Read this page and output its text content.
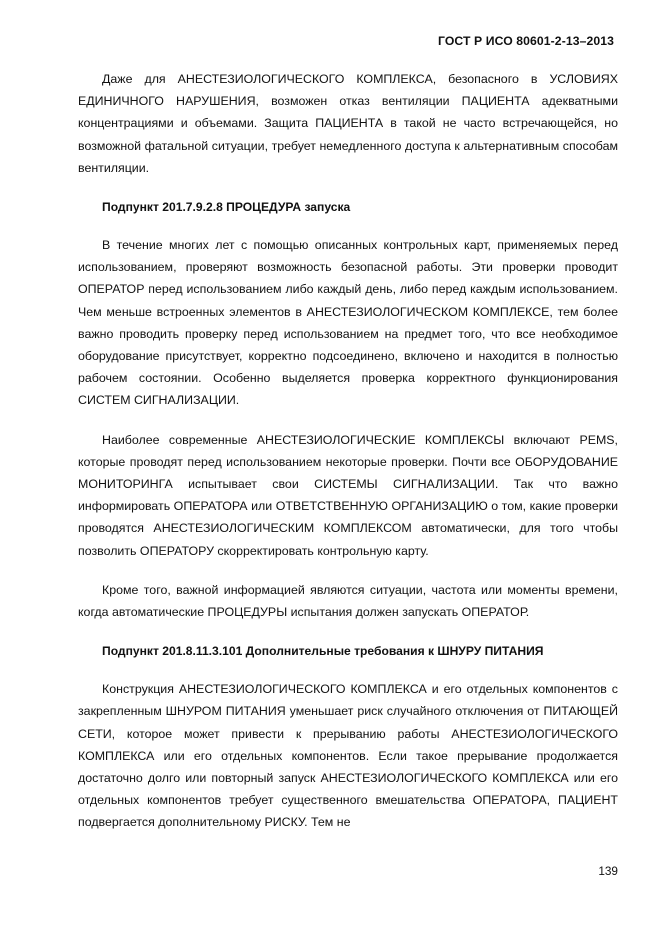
ГОСТ Р ИСО 80601-2-13–2013

Даже для АНЕСТЕЗИОЛОГИЧЕСКОГО КОМПЛЕКСА, безопасного в УСЛОВИЯХ ЕДИНИЧНОГО НАРУШЕНИЯ, возможен отказ вентиляции ПАЦИЕНТА адекватными концентрациями и объемами. Защита ПАЦИЕНТА в такой не часто встречающейся, но возможной фатальной ситуации, требует немедленного доступа к альтернативным способам вентиляции.

Подпункт 201.7.9.2.8 ПРОЦЕДУРА запуска

В течение многих лет с помощью описанных контрольных карт, применяемых перед использованием, проверяют возможность безопасной работы. Эти проверки проводит ОПЕРАТОР перед использованием либо каждый день, либо перед каждым использованием. Чем меньше встроенных элементов в АНЕСТЕЗИОЛОГИЧЕСКОМ КОМПЛЕКСЕ, тем более важно проводить проверку перед использованием на предмет того, что все необходимое оборудование присутствует, корректно подсоединено, включено и находится в полностью рабочем состоянии. Особенно выделяется проверка корректного функционирования СИСТЕМ СИГНАЛИЗАЦИИ.

Наиболее современные АНЕСТЕЗИОЛОГИЧЕСКИЕ КОМПЛЕКСЫ включают PEMS, которые проводят перед использованием некоторые проверки. Почти все ОБОРУДОВАНИЕ МОНИТОРИНГА испытывает свои СИСТЕМЫ СИГНАЛИЗАЦИИ. Так что важно информировать ОПЕРАТОРА или ОТВЕТСТВЕННУЮ ОРГАНИЗАЦИЮ о том, какие проверки проводятся АНЕСТЕЗИОЛОГИЧЕСКИМ КОМПЛЕКСОМ автоматически, для того чтобы позволить ОПЕРАТОРУ скорректировать контрольную карту.

Кроме того, важной информацией являются ситуации, частота или моменты времени, когда автоматические ПРОЦЕДУРЫ испытания должен запускать ОПЕРАТОР.

Подпункт 201.8.11.3.101 Дополнительные требования к ШНУРУ ПИТАНИЯ

Конструкция АНЕСТЕЗИОЛОГИЧЕСКОГО КОМПЛЕКСА и его отдельных компонентов с закрепленным ШНУРОМ ПИТАНИЯ уменьшает риск случайного отключения от ПИТАЮЩЕЙ СЕТИ, которое может привести к прерыванию работы АНЕСТЕЗИОЛОГИЧЕСКОГО КОМПЛЕКСА или его отдельных компонентов. Если такое прерывание продолжается достаточно долго или повторный запуск АНЕСТЕЗИОЛОГИЧЕСКОГО КОМПЛЕКСА или его отдельных компонентов требует существенного вмешательства ОПЕРАТОРА, ПАЦИЕНТ подвергается дополнительному РИСКУ. Тем не

139
